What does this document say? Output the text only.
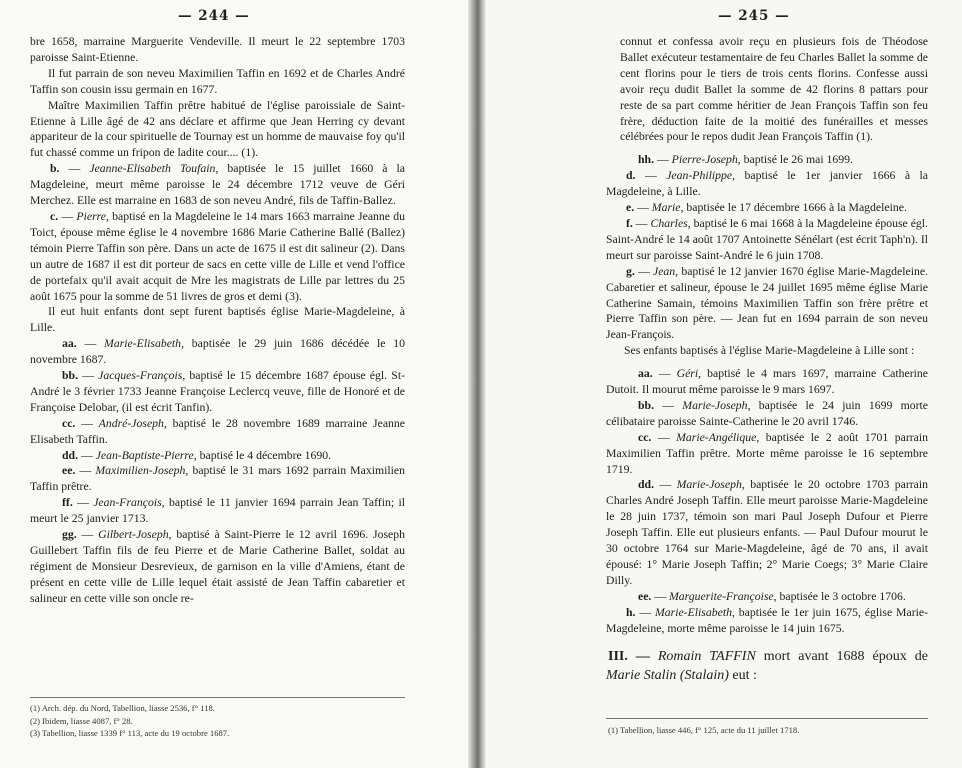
— 244 —

bre 1658, marraine Marguerite Vendeville. Il meurt le 22 septembre 1703 paroisse Saint-Etienne.

Il fut parrain de son neveu Maximilien Taffin en 1692 et de Charles André Taffin son cousin issu germain en 1677.

Maître Maximilien Taffin prêtre habitué de l'église paroissiale de Saint-Etienne à Lille âgé de 42 ans déclare et affirme que Jean Herring cy devant appariteur de la cour spirituelle de Tournay est un homme de mauvaise foy qu'il fut chassé comme un fripon de ladite cour.... (1).

b. — Jeanne-Elisabeth Toufain, baptisée le 15 juillet 1660 à la Magdeleine, meurt même paroisse le 24 décembre 1712 veuve de Géri Merchez. Elle est marraine en 1683 de son neveu André, fils de Taffin-Ballez.

c. — Pierre, baptisé en la Magdeleine le 14 mars 1663 marraine Jeanne du Toict, épouse même église le 4 novembre 1686 Marie Catherine Ballé (Ballez) témoin Pierre Taffin son père. Dans un acte de 1675 il est dit salineur (2). Dans un autre de 1687 il est dit porteur de sacs en cette ville de Lille et vend l'office de portefaix qu'il avait acquit de Mre les magistrats de Lille par lettres du 25 août 1675 pour la somme de 51 livres de gros et demi (3).

Il eut huit enfants dont sept furent baptisés église Marie-Magdeleine, à Lille.

aa. — Marie-Elisabeth, baptisée le 29 juin 1686 décédée le 10 novembre 1687.

bb. — Jacques-François, baptisé le 15 décembre 1687 épouse égl. St-André le 3 février 1733 Jeanne Françoise Leclercq veuve, fille de Honoré et de Françoise Delobar, (il est écrit Tanfin).

cc. — André-Joseph, baptisé le 28 novembre 1689 marraine Jeanne Elisabeth Taffin.

dd. — Jean-Baptiste-Pierre, baptisé le 4 décembre 1690.

ee. — Maximilien-Joseph, baptisé le 31 mars 1692 parrain Maximilien Taffin prêtre.

ff. — Jean-François, baptisé le 11 janvier 1694 parrain Jean Taffin; il meurt le 25 janvier 1713.

gg. — Gilbert-Joseph, baptisé à Saint-Pierre le 12 avril 1696. Joseph Guillebert Taffin fils de feu Pierre et de Marie Catherine Ballet, soldat au régiment de Monsieur Desrevieux, de garnison en la ville d'Amiens, étant de présent en cette ville de Lille lequel était assisté de Jean Taffin cabaretier et salineur en cette ville son oncle re-

(1) Arch. dép. du Nord, Tabellion, liasse 2536, f° 118.
(2) Ibidem, liasse 4087, f° 28.
(3) Tabellion, liasse 1339 f° 113, acte du 19 octobre 1687.
— 245 —

connut et confessa avoir reçu en plusieurs fois de Théodose Ballet exécuteur testamentaire de feu Charles Ballet la somme de cent florins pour le tiers de trois cents florins. Confesse aussi avoir reçu dudit Ballet la somme de 42 florins 8 pattars pour reste de sa part comme héritier de Jean François Taffin son feu frère, déduction faite de la moitié des funérailles et messes célébrées pour le repos dudit Jean François Taffin (1).

hh. — Pierre-Joseph, baptisé le 26 mai 1699.

d. — Jean-Philippe, baptisé le 1er janvier 1666 à la Magdeleine, à Lille.

e. — Marie, baptisée le 17 décembre 1666 à la Magdeleine.

f. — Charles, baptisé le 6 mai 1668 à la Magdeleine épouse égl. Saint-André le 14 août 1707 Antoinette Sénélart (est écrit Taph'n). Il meurt sur paroisse Saint-André le 6 juin 1708.

g. — Jean, baptisé le 12 janvier 1670 église Marie-Magdeleine. Cabaretier et salineur, épouse le 24 juillet 1695 même église Marie Catherine Samain, témoins Maximilien Taffin son frère prêtre et Pierre Taffin son père. — Jean fut en 1694 parrain de son neveu Jean-François.

Ses enfants baptisés à l'église Marie-Magdeleine à Lille sont :

aa. — Géri, baptisé le 4 mars 1697, marraine Catherine Dutoit. Il mourut même paroisse le 9 mars 1697.

bb. — Marie-Joseph, baptisée le 24 juin 1699 morte célibataire paroisse Sainte-Catherine le 20 avril 1746.

cc. — Marie-Angélique, baptisée le 2 août 1701 parrain Maximilien Taffin prêtre. Morte même paroisse le 16 septembre 1719.

dd. — Marie-Joseph, baptisée le 20 octobre 1703 parrain Charles André Joseph Taffin. Elle meurt paroisse Marie-Magdeleine le 28 juin 1737, témoin son mari Paul Joseph Dufour et Pierre Joseph Taffin. Elle eut plusieurs enfants. — Paul Dufour mourut le 30 octobre 1764 sur Marie-Magdeleine, âgé de 70 ans, il avait épousé: 1° Marie Joseph Taffin; 2° Marie Coegs; 3° Marie Claire Dilly.

ee. — Marguerite-Françoise, baptisée le 3 octobre 1706.

h. — Marie-Elisabeth, baptisée le 1er juin 1675, église Marie-Magdeleine, morte même paroisse le 14 juin 1675.

III. — Romain TAFFIN mort avant 1688 époux de Marie Stalin (Stalain) eut :

(1) Tabellion, liasse 446, f° 125, acte du 11 juillet 1718.
